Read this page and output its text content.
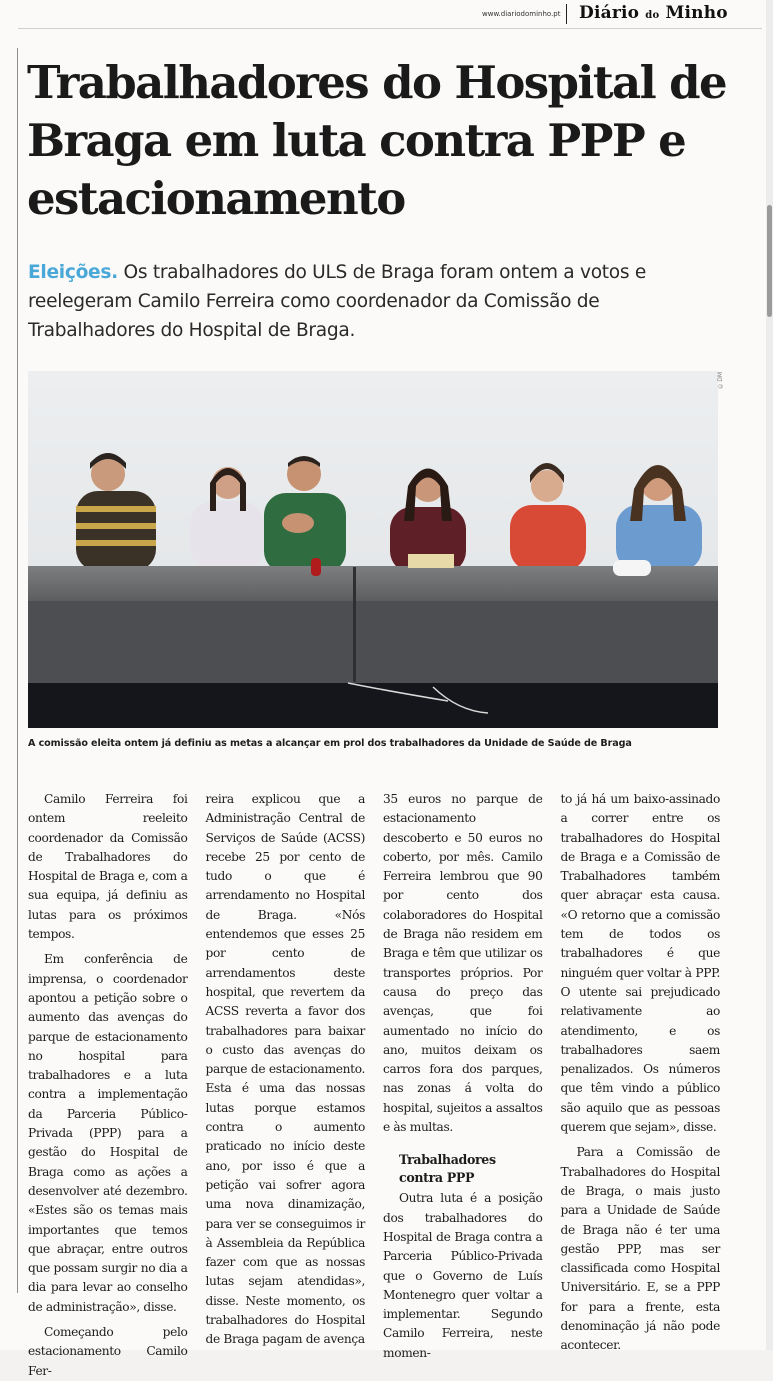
www.diariodominho.pt Diário do Minho
Trabalhadores do Hospital de Braga em luta contra PPP e estacionamento

Eleições. Os trabalhadores do ULS de Braga foram ontem a votos e reelegeram Camilo Ferreira como coordenador da Comissão de Trabalhadores do Hospital de Braga.

©DM
A comissão eleita ontem já definiu as metas a alcançar em prol dos trabalhadores da Unidade de Saúde de Braga

Camilo Ferreira foi ontem reeleito coordenador da Comissão de Trabalhadores do Hospital de Braga e, com a sua equipa, já definiu as lutas para os próximos tempos.

Em conferência de imprensa, o coordenador apontou a petição sobre o aumento das avenças do parque de estacionamento no hospital para trabalhadores e a luta contra a implementação da Parceria Público-Privada (PPP) para a gestão do Hospital de Braga como as ações a desenvolver até dezembro. «Estes são os temas mais importantes que temos que abraçar, entre outros que possam surgir no dia a dia para levar ao conselho de administração», disse.

Começando pelo estacionamento Camilo Fer-

reira explicou que a Administração Central de Serviços de Saúde (ACSS) recebe 25 por cento de tudo o que é arrendamento no Hospital de Braga. «Nós entendemos que esses 25 por cento de arrendamentos deste hospital, que revertem da ACSS reverta a favor dos trabalhadores para baixar o custo das avenças do parque de estacionamento. Esta é uma das nossas lutas porque estamos contra o aumento praticado no início deste ano, por isso é que a petição vai sofrer agora uma nova dinamização, para ver se conseguimos ir à Assembleia da República fazer com que as nossas lutas sejam atendidas», disse. Neste momento, os trabalhadores do Hospital de Braga pagam de avença

35 euros no parque de estacionamento descoberto e 50 euros no coberto, por mês. Camilo Ferreira lembrou que 90 por cento dos colaboradores do Hospital de Braga não residem em Braga e têm que utilizar os transportes próprios. Por causa do preço das avenças, que foi aumentado no início do ano, muitos deixam os carros fora dos parques, nas zonas á volta do hospital, sujeitos a assaltos e às multas.

Trabalhadores contra PPP

Outra luta é a posição dos trabalhadores do Hospital de Braga contra a Parceria Público-Privada que o Governo de Luís Montenegro quer voltar a implementar. Segundo Camilo Ferreira, neste momen-

to já há um baixo-assinado a correr entre os trabalhadores do Hospital de Braga e a Comissão de Trabalhadores também quer abraçar esta causa. «O retorno que a comissão tem de todos os trabalhadores é que ninguém quer voltar à PPP. O utente sai prejudicado relativamente ao atendimento, e os trabalhadores saem penalizados. Os números que têm vindo a público são aquilo que as pessoas querem que sejam», disse.

Para a Comissão de Trabalhadores do Hospital de Braga, o mais justo para a Unidade de Saúde de Braga não é ter uma gestão PPP, mas ser classificada como Hospital Universitário. E, se a PPP for para a frente, esta denominação já não pode acontecer.
